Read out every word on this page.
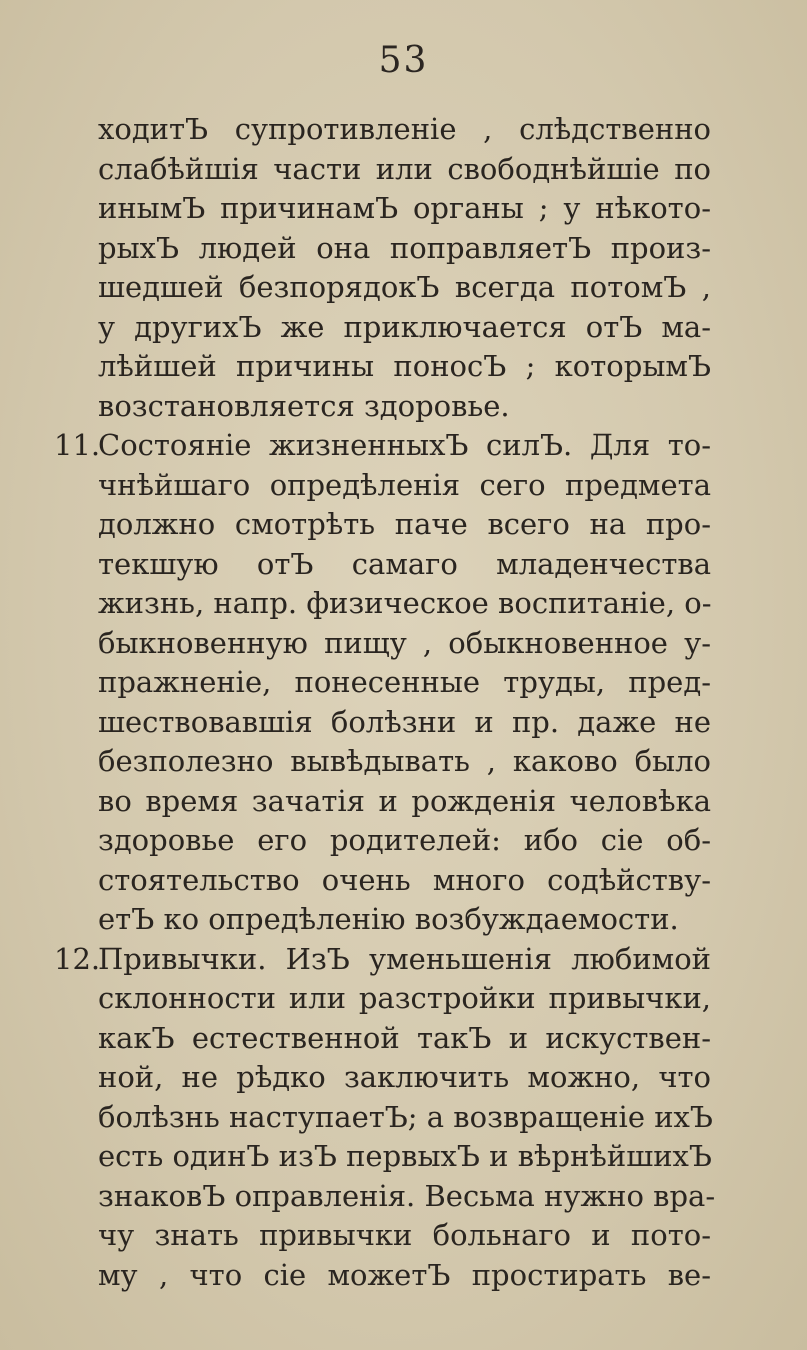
53
ходитЪ супротивленіе , слѣдственно
слабѣйшія части или свободнѣйшіе по
инымЪ причинамЪ органы ; у нѣкото-
рыхЪ людей она поправляетЪ произ-
шедшей безпорядокЪ всегда потомЪ ,
у другихЪ же приключается отЪ ма-
лѣйшей причины поносЪ ; которымЪ
возстановляется здоровье.
11.
Состояніе жизненныхЪ силЪ. Для то-
чнѣйшаго опредѣленія сего предмета
должно смотрѣть паче всего на про-
текшую отЪ самаго младенчества
жизнь, напр. физическое воспитаніе, о-
быкновенную пищу , обыкновенное у-
пражненіе, понесенные труды, пред-
шествовавшія болѣзни и пр. даже не
безполезно вывѣдывать , каково было
во время зачатія и рожденія человѣка
здоровье его родителей: ибо сіе об-
стоятельство очень много содѣйству-
етЪ ко опредѣленію возбуждаемости.
12.
Привычки. ИзЪ уменьшенія любимой
склонности или разстройки привычки,
какЪ естественной такЪ и искуствен-
ной, не рѣдко заключить можно, что
болѣзнь наступаетЪ; а возвращеніе ихЪ
есть одинЪ изЪ первыхЪ и вѣрнѣйшихЪ
знаковЪ оправленія. Весьма нужно вра-
чу знать привычки больнаго и пото-
му , что сіе можетЪ простирать ве-
